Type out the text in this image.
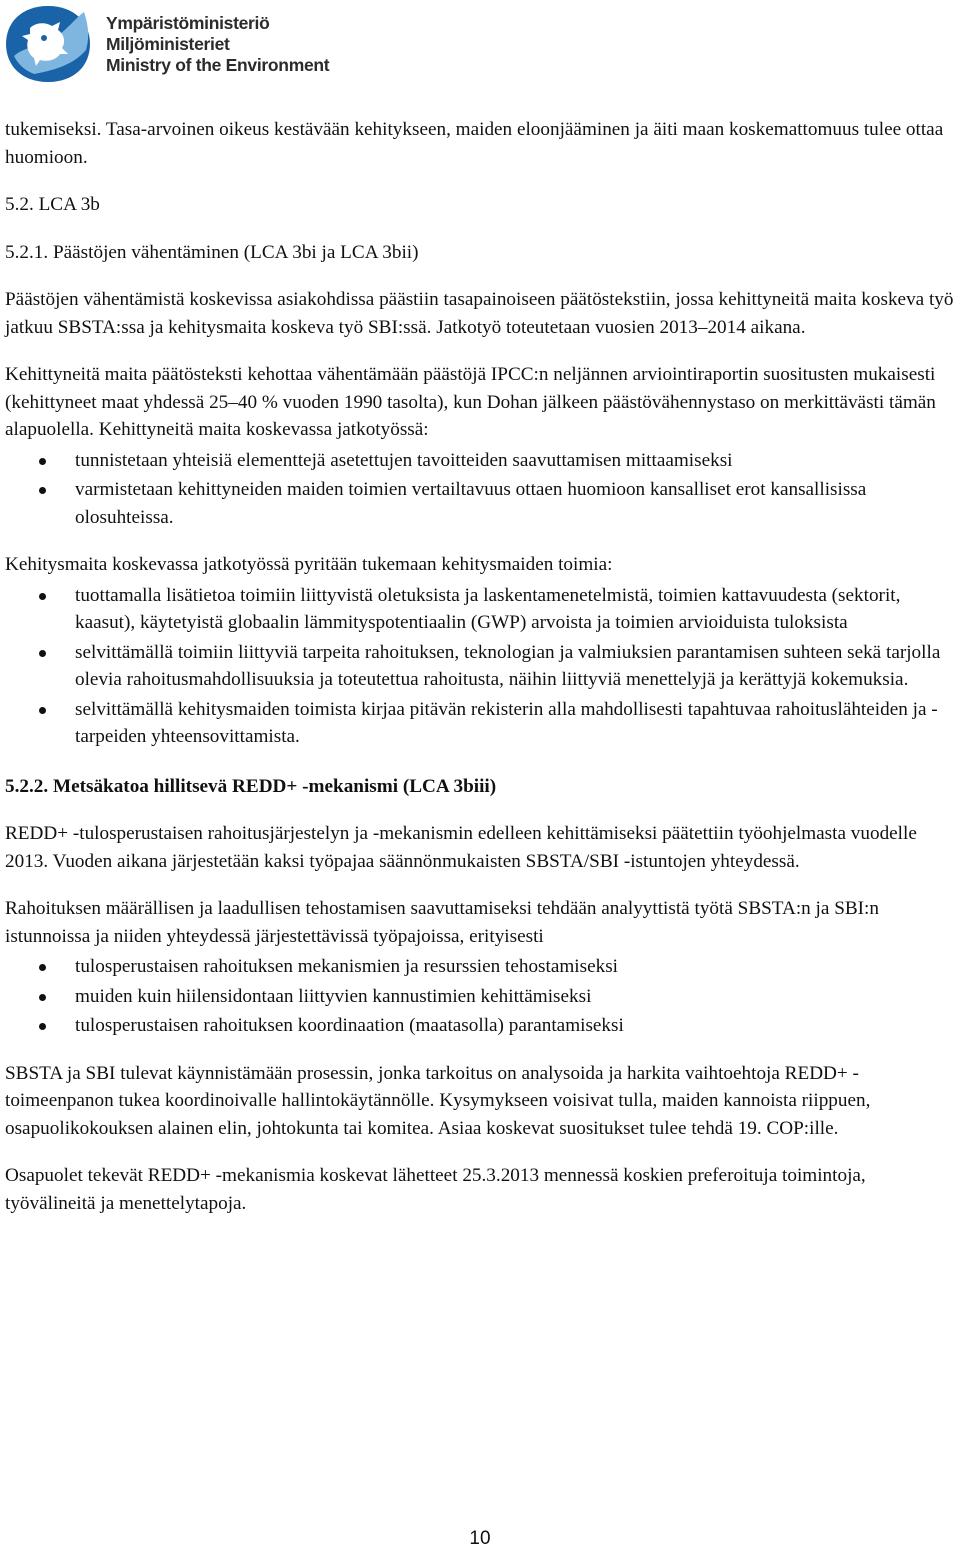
Ympäristöministeriö
Miljöministeriet
Ministry of the Environment

tukemiseksi. Tasa-arvoinen oikeus kestävään kehitykseen, maiden eloonjääminen ja äiti maan koskemattomuus tulee ottaa huomioon.

5.2. LCA 3b

5.2.1. Päästöjen vähentäminen (LCA 3bi ja LCA 3bii)

Päästöjen vähentämistä koskevissa asiakohdissa päästiin tasapainoiseen päätöstekstiin, jossa kehittyneitä maita koskeva työ jatkuu SBSTA:ssa ja kehitysmaita koskeva työ SBI:ssä. Jatkotyö toteutetaan vuosien 2013–2014 aikana.

Kehittyneitä maita päätösteksti kehottaa vähentämään päästöjä IPCC:n neljännen arviointiraportin suositusten mukaisesti (kehittyneet maat yhdessä 25–40 % vuoden 1990 tasolta), kun Dohan jälkeen päästövähennystaso on merkittävästi tämän alapuolella. Kehittyneitä maita koskevassa jatkotyössä:

tunnistetaan yhteisiä elementtejä asetettujen tavoitteiden saavuttamisen mittaamiseksi
varmistetaan kehittyneiden maiden toimien vertailtavuus ottaen huomioon kansalliset erot kansallisissa olosuhteissa.

Kehitysmaita koskevassa jatkotyössä pyritään tukemaan kehitysmaiden toimia:

tuottamalla lisätietoa toimiin liittyvistä oletuksista ja laskentamenetelmistä, toimien kattavuudesta (sektorit, kaasut), käytetyistä globaalin lämmityspotentiaalin (GWP) arvoista ja toimien arvioiduista tuloksista
selvittämällä toimiin liittyviä tarpeita rahoituksen, teknologian ja valmiuksien parantamisen suhteen sekä tarjolla olevia rahoitusmahdollisuuksia ja toteutettua rahoitusta, näihin liittyviä menettelyjä ja kerättyjä kokemuksia.
selvittämällä kehitysmaiden toimista kirjaa pitävän rekisterin alla mahdollisesti tapahtuvaa rahoituslähteiden ja -tarpeiden yhteensovittamista.

5.2.2. Metsäkatoa hillitsevä REDD+ -mekanismi (LCA 3biii)

REDD+ -tulosperustaisen rahoitusjärjestelyn ja -mekanismin edelleen kehittämiseksi päätettiin työohjelmasta vuodelle 2013. Vuoden aikana järjestetään kaksi työpajaa säännönmukaisten SBSTA/SBI -istuntojen yhteydessä.

Rahoituksen määrällisen ja laadullisen tehostamisen saavuttamiseksi tehdään analyyttistä työtä SBSTA:n ja SBI:n istunnoissa ja niiden yhteydessä järjestettävissä työpajoissa, erityisesti

tulosperustaisen rahoituksen mekanismien ja resurssien tehostamiseksi
muiden kuin hiilensidontaan liittyvien kannustimien kehittämiseksi
tulosperustaisen rahoituksen koordinaation (maatasolla) parantamiseksi

SBSTA ja SBI tulevat käynnistämään prosessin, jonka tarkoitus on analysoida ja harkita vaihtoehtoja REDD+ -toimeenpanon tukea koordinoivalle hallintokäytännölle. Kysymykseen voisivat tulla, maiden kannoista riippuen, osapuolikokouksen alainen elin, johtokunta tai komitea. Asiaa koskevat suositukset tulee tehdä 19. COP:ille.

Osapuolet tekevät REDD+ -mekanismia koskevat lähetteet 25.3.2013 mennessä koskien preferoituja toimintoja, työvälineitä ja menettelytapoja.

10
